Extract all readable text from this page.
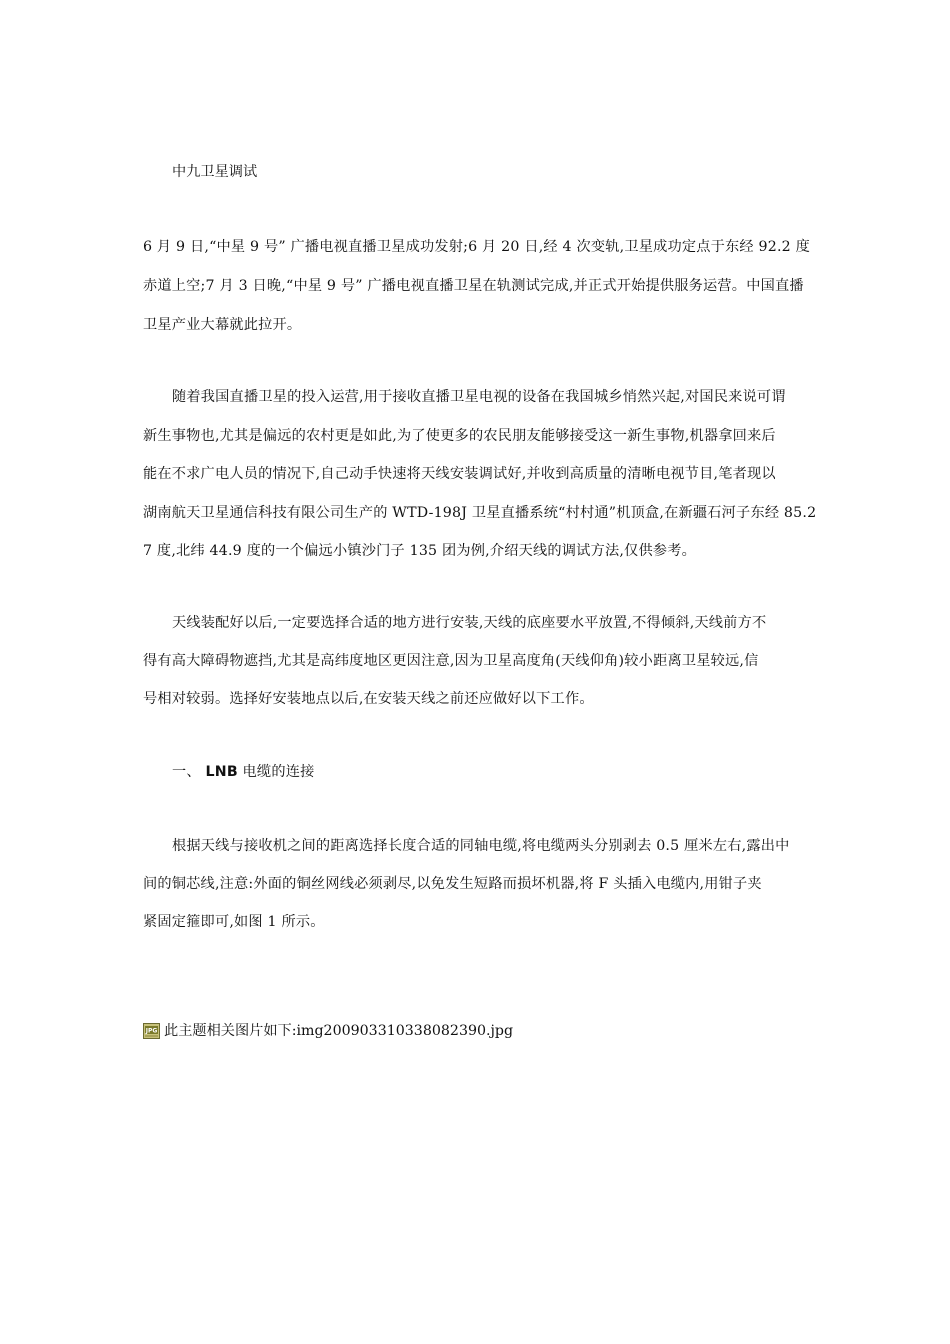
中九卫星调试
6 月 9 日,“中星 9 号” 广播电视直播卫星成功发射;6 月 20 日,经 4 次变轨,卫星成功定点于东经 92.2 度
赤道上空;7 月 3 日晚,“中星 9 号” 广播电视直播卫星在轨测试完成,并正式开始提供服务运营。中国直播
卫星产业大幕就此拉开。
随着我国直播卫星的投入运营,用于接收直播卫星电视的设备在我国城乡悄然兴起,对国民来说可谓
新生事物也,尤其是偏远的农村更是如此,为了使更多的农民朋友能够接受这一新生事物,机器拿回来后
能在不求广电人员的情况下,自己动手快速将天线安装调试好,并收到高质量的清晰电视节目,笔者现以
湖南航天卫星通信科技有限公司生产的 WTD-198J 卫星直播系统“村村通”机顶盒,在新疆石河子东经 85.2
7 度,北纬 44.9 度的一个偏远小镇沙门子 135 团为例,介绍天线的调试方法,仅供参考。
天线装配好以后,一定要选择合适的地方进行安装,天线的底座要水平放置,不得倾斜,天线前方不
得有高大障碍物遮挡,尤其是高纬度地区更因注意,因为卫星高度角(天线仰角)较小距离卫星较远,信
号相对较弱。选择好安装地点以后,在安装天线之前还应做好以下工作。
一、 LNB 电缆的连接
根据天线与接收机之间的距离选择长度合适的同轴电缆,将电缆两头分别剥去 0.5 厘米左右,露出中
间的铜芯线,注意:外面的铜丝网线必须剥尽,以免发生短路而损坏机器,将 F 头插入电缆内,用钳子夹
紧固定箍即可,如图 1 所示。
JPG 此主题相关图片如下:img200903310338082390.jpg
